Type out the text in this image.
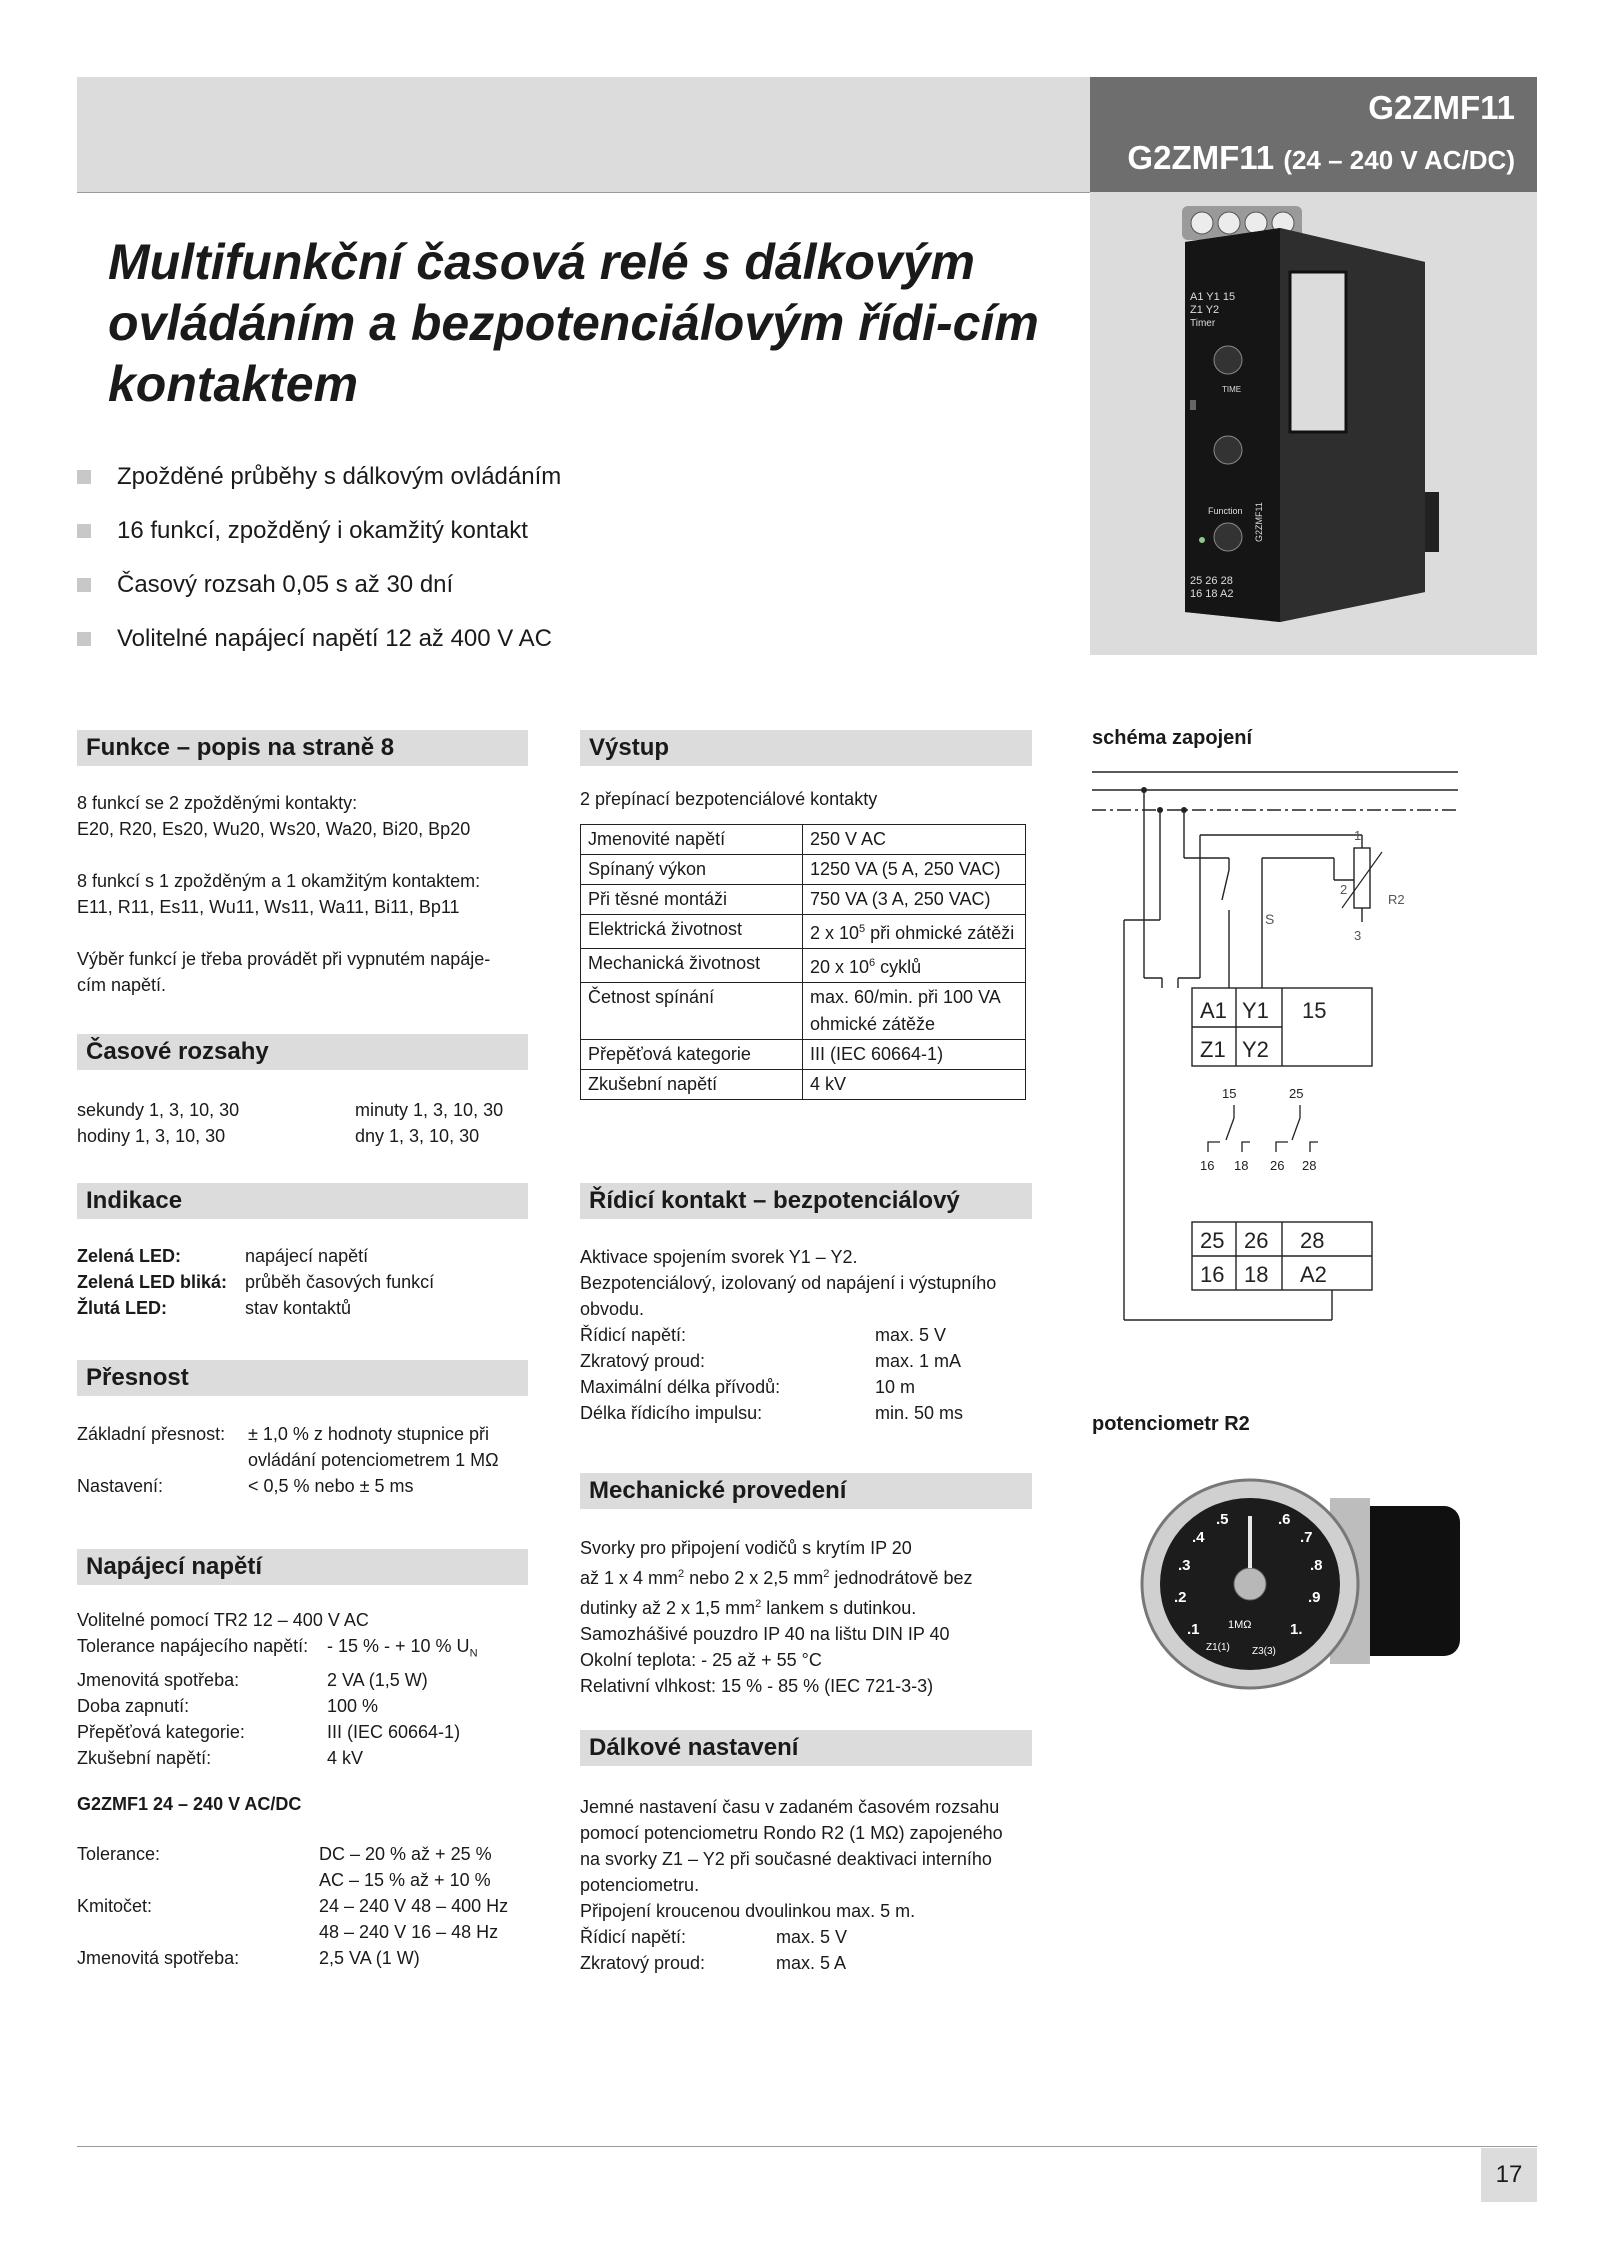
G2ZMF11
G2ZMF11 (24 – 240 V AC/DC)
A1 Y1 15
Z1 Y2
Timer
TIME
Function G2ZMF11
25 26 28
16 18 A2
Multifunkční časová relé s dálkovým ovládáním a bezpotenciálovým řídi-cím kontaktem
Zpožděné průběhy s dálkovým ovládáním
16 funkcí, zpožděný i okamžitý kontakt
Časový rozsah 0,05 s až 30 dní
Volitelné napájecí napětí 12 až 400 V AC
Funkce – popis na straně 8

8 funkcí se 2 zpožděnými kontakty:

E20, R20, Es20, Wu20, Ws20, Wa20, Bi20, Bp20

8 funkcí s 1 zpožděným a 1 okamžitým kontaktem:

E11, R11, Es11, Wu11, Ws11, Wa11, Bi11, Bp11

Výběr funkcí je třeba provádět při vypnutém napáje-

cím napětí.

Časové rozsahy
sekundy 1, 3, 10, 30	minuty 1, 3, 10, 30
hodiny 1, 3, 10, 30	dny 1, 3, 10, 30
Indikace
Zelená LED:	napájecí napětí
Zelená LED bliká: průběh časových funkcí
Žlutá LED:	stav kontaktů
Přesnost
Základní přesnost:	± 1,0 % z hodnoty stupnice při
ovládání potenciometrem 1 MΩ
Nastavení:	< 0,5 % nebo ± 5 ms
Napájecí napětí

Volitelné pomocí TR2 12 – 400 V AC

Tolerance napájecího napětí:	- 15 % - + 10 % $U_N$
Jmenovitá spotřeba:	2 VA (1,5 W)
Doba zapnutí:	100 %
Přepěťová kategorie:	III (IEC 60664-1)
Zkušební napětí:	4 kV

G2ZMF1 24 – 240 V AC/DC

Tolerance:	DC – 20 % až + 25 %
AC – 15 % až + 10 %
Kmitočet:	24 – 240 V 48 – 400 Hz
48 – 240 V 16 – 48 Hz
Jmenovitá spotřeba:	2,5 VA (1 W)
Výstup
2 přepínací bezpotenciálové kontakty
Jmenovité napětí	250 V AC
Spínaný výkon	1250 VA (5 A, 250 VAC)
Při těsné montáži	750 VA (3 A, 250 VAC)
Elektrická životnost	2 x $10^5$ při ohmické zátěži
Mechanická životnost	20 x $10^6$ cyklů
Četnost spínání	max. 60/min. při 100 VA
ohmické zátěže

Přepěťová kategorie	III (IEC 60664-1)
Zkušební napětí	4 kV
Řídicí kontakt – bezpotenciálový

Aktivace spojením svorek Y1 – Y2.

Bezpotenciálový, izolovaný od napájení i výstupního

obvodu.

Řídicí napětí:	max. 5 V
Zkratový proud:	max. 1 mA
Maximální délka přívodů:	10 m
Délka řídicího impulsu:	min. 50 ms
Mechanické provedení

Svorky pro připojení vodičů s krytím IP 20

až 1 x 4 $mm^2$ nebo 2 x 2,5 $mm^2$ jednodrátově bez

dutinky až 2 x 1,5 $mm^2$ lankem s dutinkou.

Samozhášivé pouzdro IP 40 na lištu DIN IP 40

Okolní teplota: - 25 až + 55 °C

Relativní vlhkost: 15 % - 85 % (IEC 721-3-3)

Dálkové nastavení

Jemné nastavení času v zadaném časovém rozsahu

pomocí potenciometru Rondo R2 (1 MΩ) zapojeného

na svorky Z1 – Y2 při současné deaktivaci interního

potenciometru.

Připojení kroucenou dvoulinkou max. 5 m.

Řídicí napětí:	max. 5 V
Zkratový proud:	max. 5 A
schéma zapojení
S
1
2
3
R2
A1 Y1 15
Z1 Y2
15	25
16 18 26 28
25 26 28
16 18 A2
potenciometr R2
.1
.2
.3
.4
.5	.6
.7
.8
.9
1.
1MΩ
Z1(1) Z3(3)
17
